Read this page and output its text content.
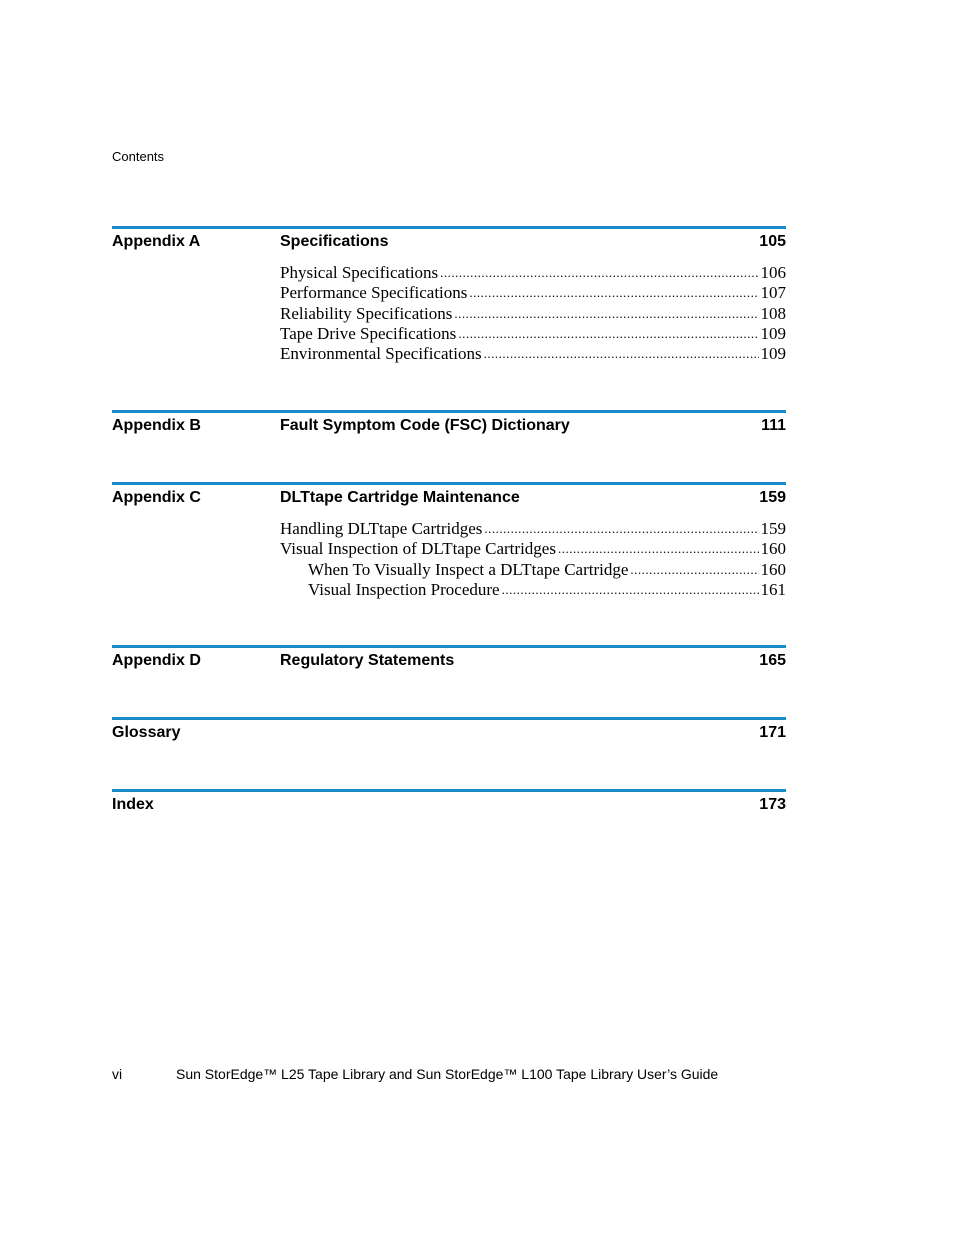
Contents
Appendix A	Specifications	105
Physical Specifications .....	106
Performance Specifications .....	107
Reliability Specifications .....	108
Tape Drive Specifications .....	109
Environmental Specifications .....	109
Appendix B	Fault Symptom Code (FSC) Dictionary	111
Appendix C	DLTtape Cartridge Maintenance	159
Handling DLTtape Cartridges .....	159
Visual Inspection of DLTtape Cartridges .....	160
When To Visually Inspect a DLTtape Cartridge .....	160
Visual Inspection Procedure .....	161
Appendix D	Regulatory Statements	165
Glossary	171
Index	173
vi	Sun StorEdge™ L25 Tape Library and Sun StorEdge™ L100 Tape Library User’s Guide
